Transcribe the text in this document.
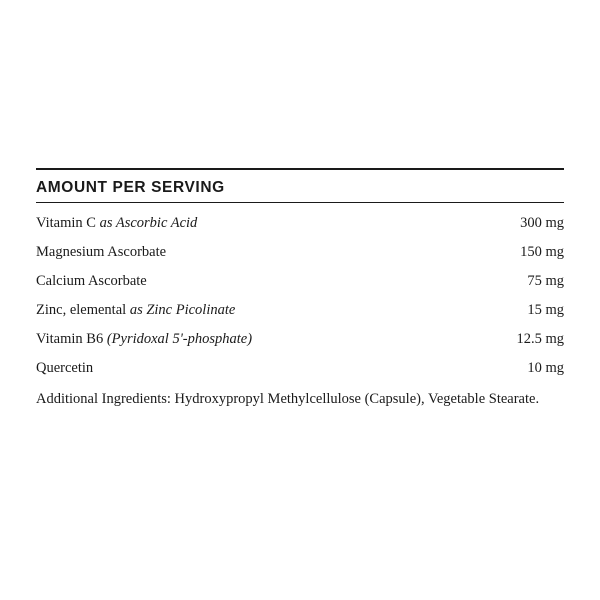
AMOUNT PER SERVING
Vitamin C as Ascorbic Acid .....	300 mg
Magnesium Ascorbate .....	150 mg
Calcium Ascorbate .....	75 mg
Zinc, elemental as Zinc Picolinate .....	15 mg
Vitamin B6 (Pyridoxal 5'-phosphate) .....	12.5 mg
Quercetin .....	10 mg
Additional Ingredients: Hydroxypropyl Methylcellulose (Capsule), Vegetable Stearate.
